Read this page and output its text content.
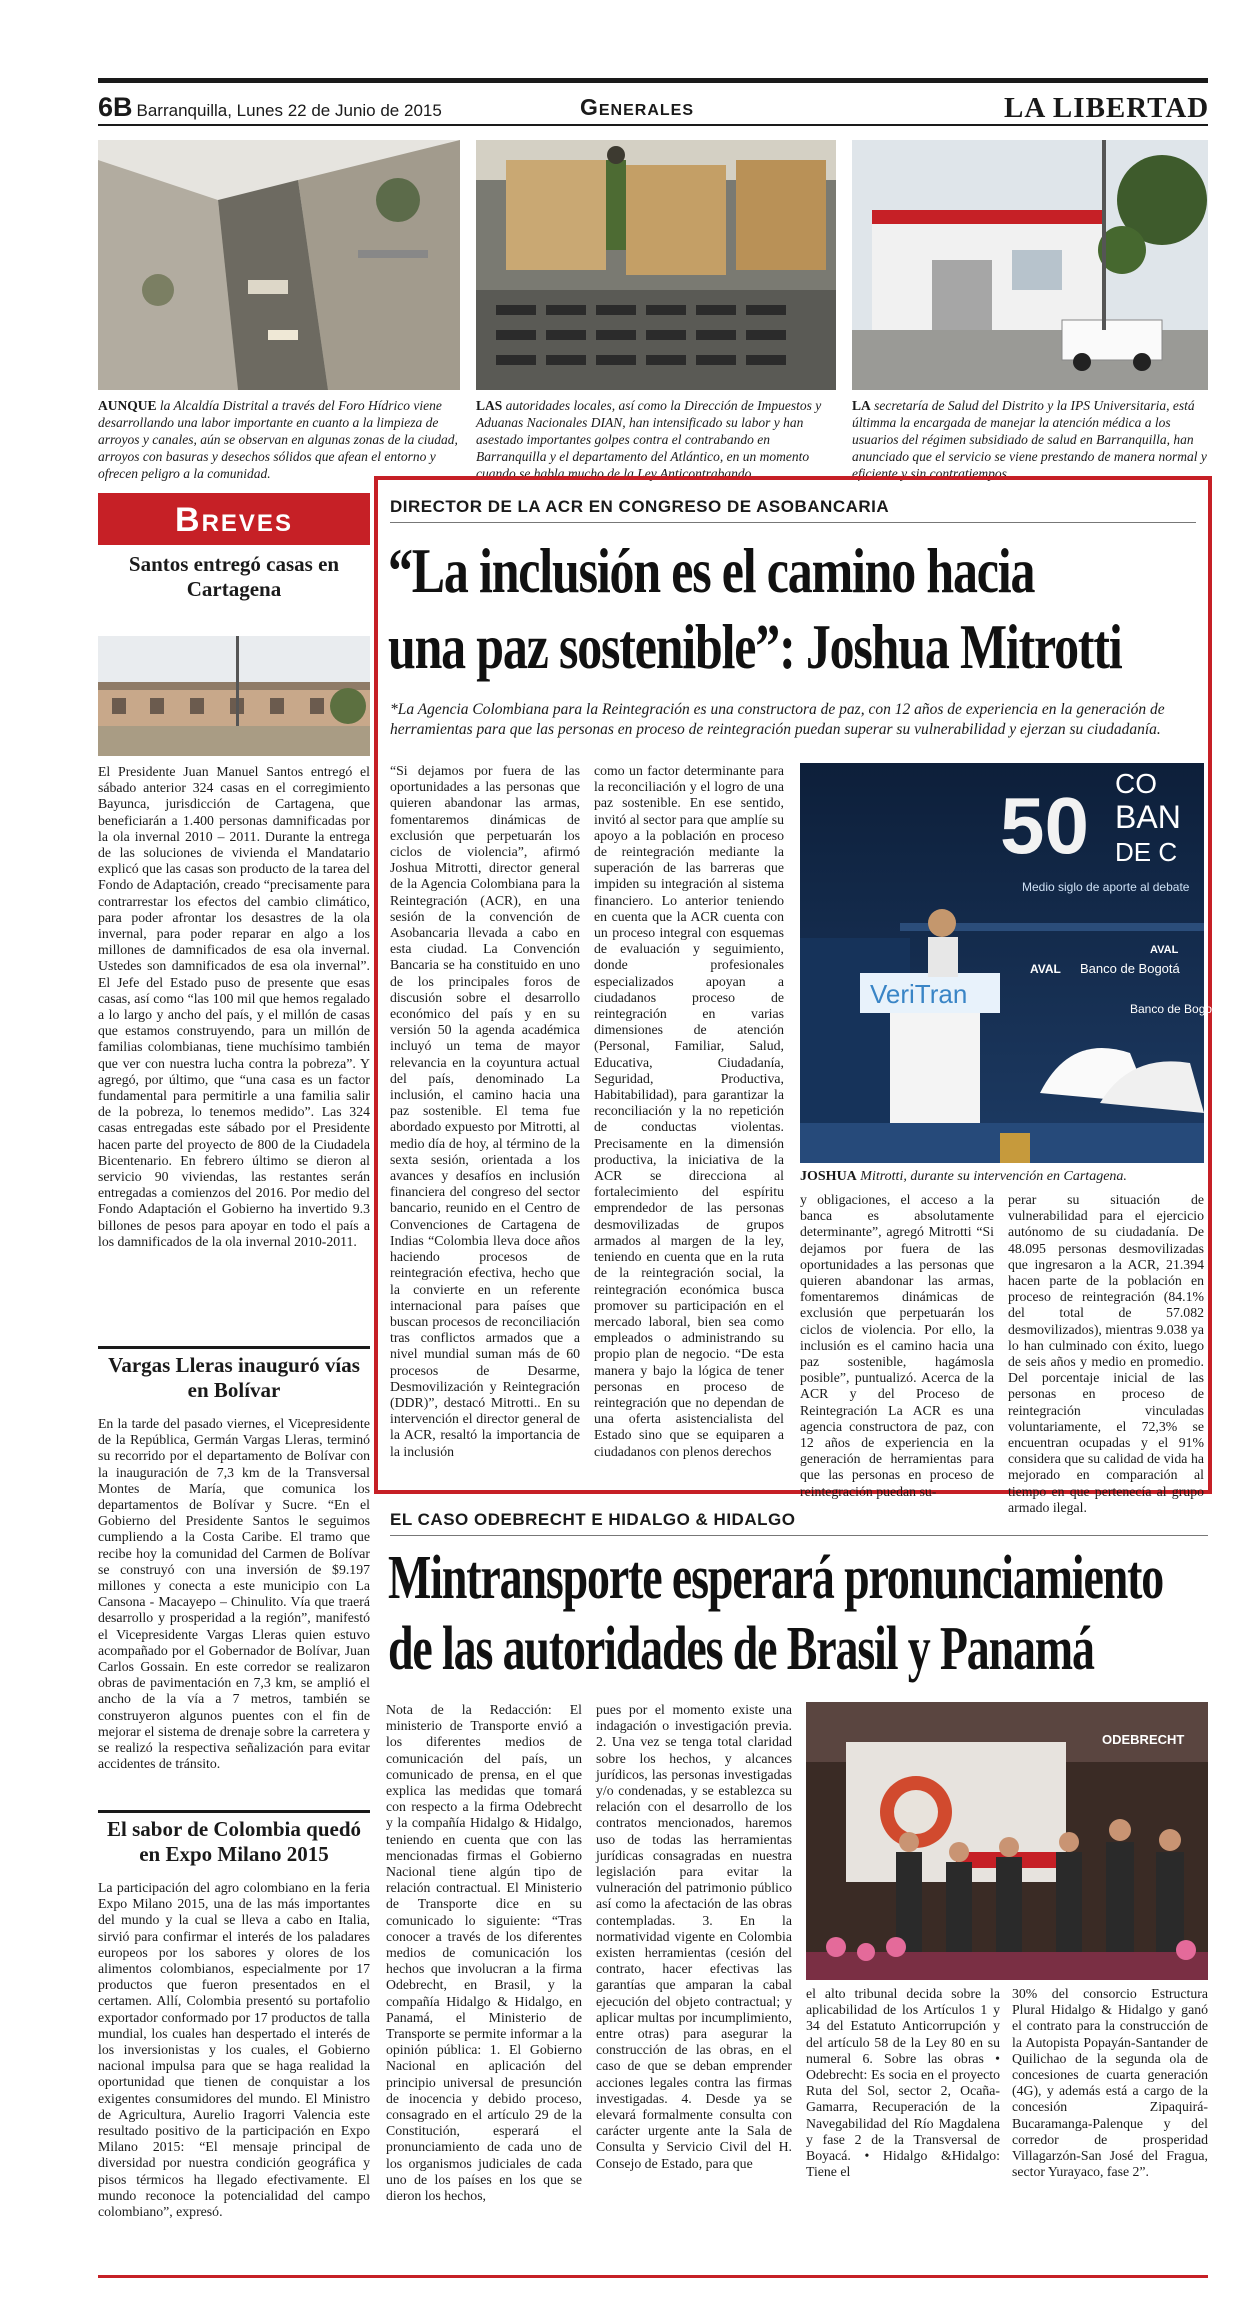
6B Barranquilla, Lunes 22 de Junio de 2015	Generales	LA LIBERTAD
AUNQUE la Alcaldía Distrital a través del Foro Hídrico viene desarrollando una labor importante en cuanto a la limpieza de arroyos y canales, aún se observan en algunas zonas de la ciudad, arroyos con basuras y desechos sólidos que afean el entorno y ofrecen peligro a la comunidad.
LAS autoridades locales, así como la Dirección de Impuestos y Aduanas Nacionales DIAN, han intensificado su labor y han asestado importantes golpes contra el contrabando en Barranquilla y el departamento del Atlántico, en un momento cuando se habla mucho de la Ley Anticontrabando.
LA secretaría de Salud del Distrito y la IPS Universitaria, está últimma la encargada de manejar la atención médica a los usuarios del régimen subsidiado de salud en Barranquilla, han anunciado que el servicio se viene prestando de manera normal y eficiente y sin contratiempos.
Breves
Santos entregó casas en Cartagena
El Presidente Juan Manuel Santos entregó el sábado anterior 324 casas en el corregimiento Bayunca, jurisdicción de Cartagena, que beneficiarán a 1.400 personas damnificadas por la ola invernal 2010 – 2011. Durante la entrega de las soluciones de vivienda el Mandatario explicó que las casas son producto de la tarea del Fondo de Adaptación, creado “precisamente para contrarrestar los efectos del cambio climático, para poder afrontar los desastres de la ola invernal, para poder reparar en algo a los millones de damnificados de esa ola invernal. Ustedes son damnificados de esa ola invernal”. El Jefe del Estado puso de presente que esas casas, así como “las 100 mil que hemos regalado a lo largo y ancho del país, y el millón de casas que estamos construyendo, para un millón de familias colombianas, tiene muchísimo también que ver con nuestra lucha contra la pobreza”. Y agregó, por último, que “una casa es un factor fundamental para permitirle a una familia salir de la pobreza, lo tenemos medido”. Las 324 casas entregadas este sábado por el Presidente hacen parte del proyecto de 800 de la Ciudadela Bicentenario. En febrero último se dieron al servicio 90 viviendas, las restantes serán entregadas a comienzos del 2016. Por medio del Fondo Adaptación el Gobierno ha invertido 9.3 billones de pesos para apoyar en todo el país a los damnificados de la ola invernal 2010-2011.
Vargas Lleras inauguró vías en Bolívar
En la tarde del pasado viernes, el Vicepresidente de la República, Germán Vargas Lleras, terminó su recorrido por el departamento de Bolívar con la inauguración de 7,3 km de la Transversal Montes de María, que comunica los departamentos de Bolívar y Sucre. “En el Gobierno del Presidente Santos le seguimos cumpliendo a la Costa Caribe. El tramo que recibe hoy la comunidad del Carmen de Bolívar se construyó con una inversión de $9.197 millones y conecta a este municipio con La Cansona - Macayepo – Chinulito. Vía que traerá desarrollo y prosperidad a la región”, manifestó el Vicepresidente Vargas Lleras quien estuvo acompañado por el Gobernador de Bolívar, Juan Carlos Gossain. En este corredor se realizaron obras de pavimentación en 7,3 km, se amplió el ancho de la vía a 7 metros, también se construyeron algunos puentes con el fin de mejorar el sistema de drenaje sobre la carretera y se realizó la respectiva señalización para evitar accidentes de tránsito.
El sabor de Colombia quedó en Expo Milano 2015
La participación del agro colombiano en la feria Expo Milano 2015, una de las más importantes del mundo y la cual se lleva a cabo en Italia, sirvió para confirmar el interés de los paladares europeos por los sabores y olores de los alimentos colombianos, especialmente por 17 productos que fueron presentados en el certamen. Allí, Colombia presentó su portafolio exportador conformado por 17 productos de talla mundial, los cuales han despertado el interés de los inversionistas y los cuales, el Gobierno nacional impulsa para que se haga realidad la oportunidad que tienen de conquistar a los exigentes consumidores del mundo. El Ministro de Agricultura, Aurelio Iragorri Valencia este resultado positivo de la participación en Expo Milano 2015: “El mensaje principal de diversidad por nuestra condición geográfica y pisos térmicos ha llegado efectivamente. El mundo reconoce la potencialidad del campo colombiano”, expresó.
DIRECTOR DE LA ACR EN CONGRESO DE ASOBANCARIA
“La inclusión es el camino hacia
una paz sostenible”: Joshua Mitrotti
*La Agencia Colombiana para la Reintegración es una constructora de paz, con 12 años de experiencia en la generación de herramientas para que las personas en proceso de reintegración puedan superar su vulnerabilidad y ejerzan su ciudadanía.
“Si dejamos por fuera de las oportunidades a las personas que quieren abandonar las armas, fomentaremos dinámicas de exclusión que perpetuarán los ciclos de violencia”, afirmó Joshua Mitrotti, director general de la Agencia Colombiana para la Reintegración (ACR), en una sesión de la convención de Asobancaria llevada a cabo en esta ciudad. La Convención Bancaria se ha constituido en uno de los principales foros de discusión sobre el desarrollo económico del país y en su versión 50 la agenda académica incluyó un tema de mayor relevancia en la coyuntura actual del país, denominado La inclusión, el camino hacia una paz sostenible. El tema fue abordado expuesto por Mitrotti, al medio día de hoy, al término de la sexta sesión, orientada a los avances y desafíos en inclusión financiera del congreso del sector bancario, reunido en el Centro de Convenciones de Cartagena de Indias “Colombia lleva doce años haciendo procesos de reintegración efectiva, hecho que la convierte en un referente internacional para países que buscan procesos de reconciliación tras conflictos armados que a nivel mundial suman más de 60 procesos de Desarme, Desmovilización y Reintegración (DDR)”, destacó Mitrotti.. En su intervención el director general de la ACR, resaltó la importancia de la inclusión
como un factor determinante para la reconciliación y el logro de una paz sostenible. En ese sentido, invitó al sector para que amplíe su apoyo a la población en proceso de reintegración mediante la superación de las barreras que impiden su integración al sistema financiero. Lo anterior teniendo en cuenta que la ACR cuenta con un proceso integral con esquemas de evaluación y seguimiento, donde profesionales especializados apoyan a ciudadanos proceso de reintegración en varias dimensiones de atención (Personal, Familiar, Salud, Educativa, Ciudadanía, Seguridad, Productiva, Habitabilidad), para garantizar la reconciliación y la no repetición de conductas violentas. Precisamente en la dimensión productiva, la iniciativa de la ACR se direcciona al fortalecimiento del espíritu emprendedor de las personas desmovilizadas de grupos armados al margen de la ley, teniendo en cuenta que en la ruta de la reintegración social, la reintegración económica busca promover su participación en el mercado laboral, bien sea como empleados o administrando su propio plan de negocio. “De esta manera y bajo la lógica de tener personas en proceso de reintegración que no dependan de una oferta asistencialista del Estado sino que se equiparen a ciudadanos con plenos derechos
50 CO
BAN
DE C
Medio siglo de aporte al debate
Banco de Bogotá
AVAL
Banco de Bogotá
AVAL
VeriTran
JOSHUA Mitrotti, durante su intervención en Cartagena.
y obligaciones, el acceso a la banca es absolutamente determinante”, agregó Mitrotti “Si dejamos por fuera de las oportunidades a las personas que quieren abandonar las armas, fomentaremos dinámicas de exclusión que perpetuarán los ciclos de violencia. Por ello, la inclusión es el camino hacia una paz sostenible, hagámosla posible”, puntualizó. Acerca de la ACR y del Proceso de Reintegración La ACR es una agencia constructora de paz, con 12 años de experiencia en la generación de herramientas para que las personas en proceso de reintegración puedan su-
perar su situación de vulnerabilidad para el ejercicio autónomo de su ciudadanía. De 48.095 personas desmovilizadas que ingresaron a la ACR, 21.394 hacen parte de la población en proceso de reintegración (84.1% del total de 57.082 desmovilizados), mientras 9.038 ya lo han culminado con éxito, luego de seis años y medio en promedio. Del porcentaje inicial de las personas en proceso de reintegración vinculadas voluntariamente, el 72,3% se encuentran ocupadas y el 91% considera que su calidad de vida ha mejorado en comparación al tiempo en que pertenecía al grupo armado ilegal.
EL CASO ODEBRECHT E HIDALGO & HIDALGO
Mintransporte esperará pronunciamiento
de las autoridades de Brasil y Panamá
Nota de la Redacción: El ministerio de Transporte envió a los diferentes medios de comunicación del país, un comunicado de prensa, en el que explica las medidas que tomará con respecto a la firma Odebrecht y la compañía Hidalgo & Hidalgo, teniendo en cuenta que con las mencionadas firmas el Gobierno Nacional tiene algún tipo de relación contractual. El Ministerio de Transporte dice en su comunicado lo siguiente: “Tras conocer a través de los diferentes medios de comunicación los hechos que involucran a la firma Odebrecht, en Brasil, y la compañía Hidalgo & Hidalgo, en Panamá, el Ministerio de Transporte se permite informar a la opinión pública: 1. El Gobierno Nacional en aplicación del principio universal de presunción de inocencia y debido proceso, consagrado en el artículo 29 de la Constitución, esperará el pronunciamiento de cada uno de los organismos judiciales de cada uno de los países en los que se dieron los hechos,
pues por el momento existe una indagación o investigación previa. 2. Una vez se tenga total claridad sobre los hechos, y alcances jurídicos, las personas investigadas y/o condenadas, y se establezca su relación con el desarrollo de los contratos mencionados, haremos uso de todas las herramientas jurídicas consagradas en nuestra legislación para evitar la vulneración del patrimonio público así como la afectación de las obras contempladas. 3. En la normatividad vigente en Colombia existen herramientas (cesión del contrato, hacer efectivas las garantías que amparan la cabal ejecución del objeto contractual; y aplicar multas por incumplimiento, entre otras) para asegurar la construcción de las obras, en el caso de que se deban emprender acciones legales contra las firmas investigadas. 4. Desde ya se elevará formalmente consulta con carácter urgente ante la Sala de Consulta y Servicio Civil del H. Consejo de Estado, para que
ODEBRECHT
el alto tribunal decida sobre la aplicabilidad de los Artículos 1 y 34 del Estatuto Anticorrupción y del artículo 58 de la Ley 80 en su numeral 6. Sobre las obras • Odebrecht: Es socia en el proyecto Ruta del Sol, sector 2, Ocaña-Gamarra, Recuperación de la Navegabilidad del Río Magdalena y fase 2 de la Transversal de Boyacá. • Hidalgo &Hidalgo: Tiene el
30% del consorcio Estructura Plural Hidalgo & Hidalgo y ganó el contrato para la construcción de la Autopista Popayán-Santander de Quilichao de la segunda ola de concesiones de cuarta generación (4G), y además está a cargo de la concesión Zipaquirá-Bucaramanga-Palenque y del corredor de prosperidad Villagarzón-San José del Fragua, sector Yurayaco, fase 2”.
